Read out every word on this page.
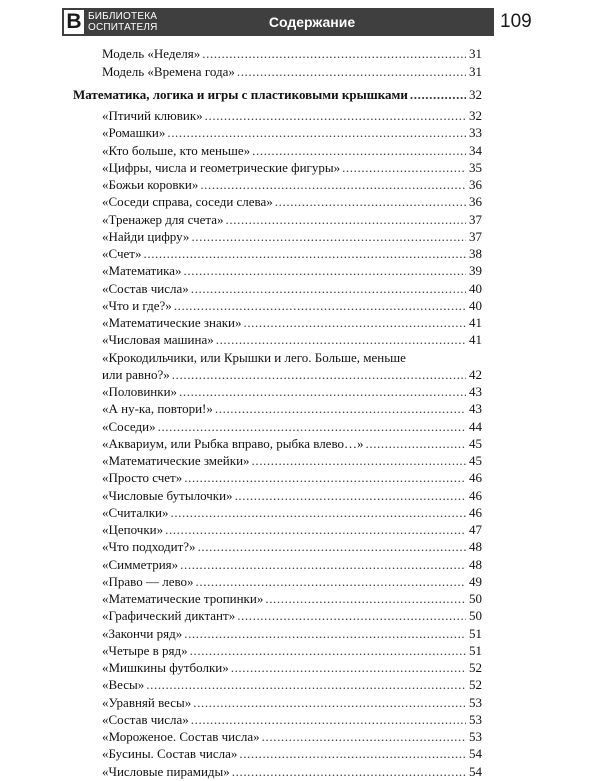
В БИБЛИОТЕКА
ОСПИТАТЕЛЯ	Содержание	109
Модель «Неделя» .....	31
Модель «Времена года» .....	31
Математика, логика и игры с пластиковыми крышками .....	32
«Птичий клювик» .....	32
«Ромашки» .....	33
«Кто больше, кто меньше» .....	34
«Цифры, числа и геометрические фигуры» .....	35
«Божьи коровки» .....	36
«Соседи справа, соседи слева» .....	36
«Тренажер для счета» .....	37
«Найди цифру» .....	37
«Счет» .....	38
«Математика» .....	39
«Состав числа» .....	40
«Что и где?» .....	40
«Математические знаки» .....	41
«Числовая машина» .....	41
«Крокодильчики, или Крышки и лего. Больше, меньше
или равно?» .....	42
«Половинки» .....	43
«А ну-ка, повтори!» .....	43
«Соседи» .....	44
«Аквариум, или Рыбка вправо, рыбка влево…» .....	45
«Математические змейки» .....	45
«Просто счет» .....	46
«Числовые бутылочки» .....	46
«Считалки» .....	46
«Цепочки» .....	47
«Что подходит?» .....	48
«Симметрия» .....	48
«Право — лево» .....	49
«Математические тропинки» .....	50
«Графический диктант» .....	50
«Закончи ряд» .....	51
«Четыре в ряд» .....	51
«Мишкины футболки» .....	52
«Весы» .....	52
«Уравняй весы» .....	53
«Состав числа» .....	53
«Мороженое. Состав числа» .....	53
«Бусины. Состав числа» .....	54
«Числовые пирамиды» .....	54
